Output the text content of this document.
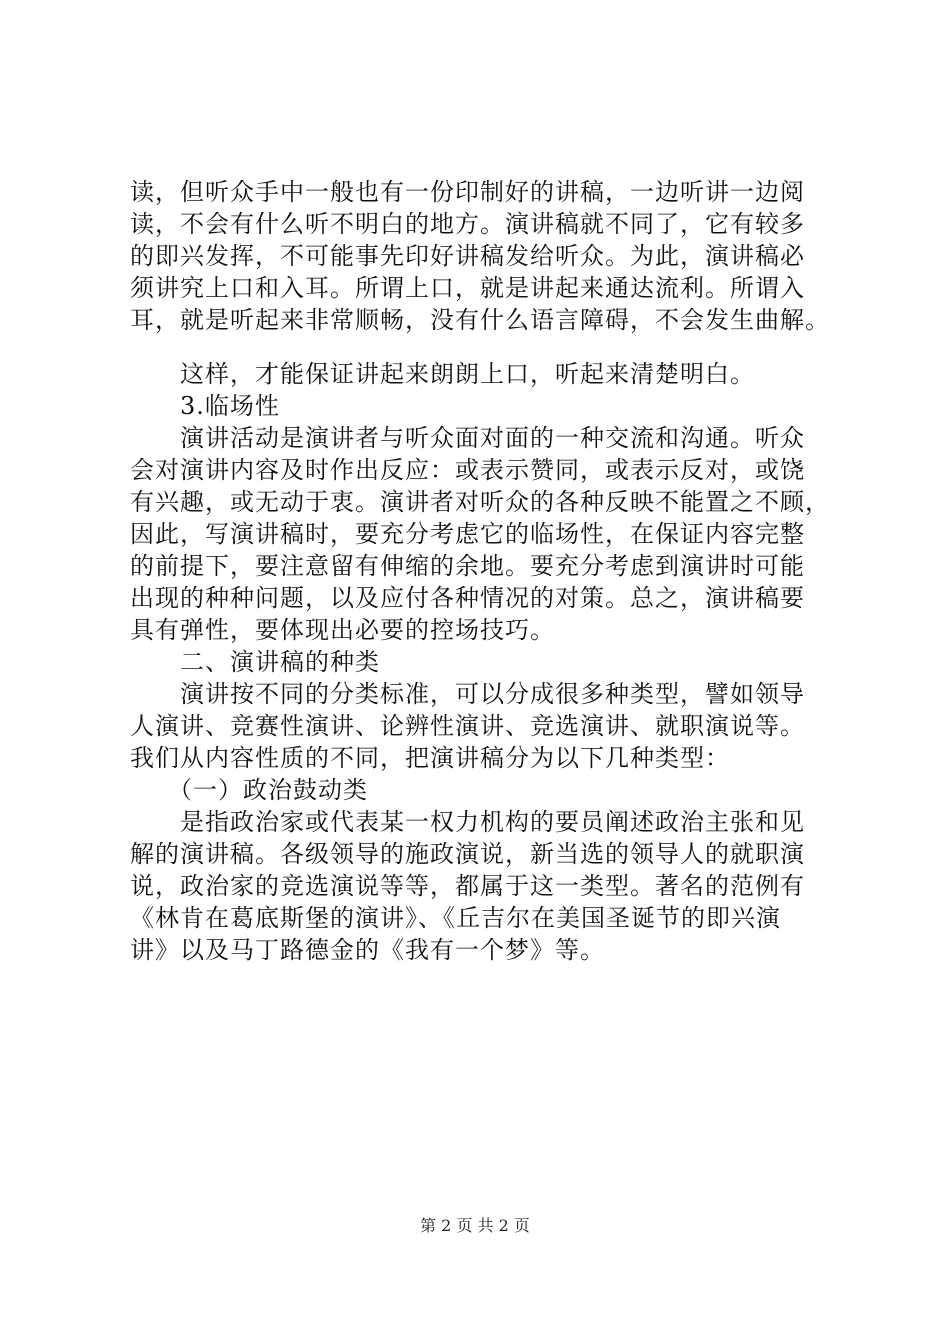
读，但听众手中一般也有一份印制好的讲稿，一边听讲一边阅
读，不会有什么听不明白的地方。演讲稿就不同了，它有较多
的即兴发挥，不可能事先印好讲稿发给听众。为此，演讲稿必
须讲究上口和入耳。所谓上口，就是讲起来通达流利。所谓入
耳，就是听起来非常顺畅，没有什么语言障碍，不会发生曲解。
　　这样，才能保证讲起来朗朗上口，听起来清楚明白。
　　3.临场性
　　演讲活动是演讲者与听众面对面的一种交流和沟通。听众
会对演讲内容及时作出反应：或表示赞同，或表示反对，或饶
有兴趣，或无动于衷。演讲者对听众的各种反映不能置之不顾，
因此，写演讲稿时，要充分考虑它的临场性，在保证内容完整
的前提下，要注意留有伸缩的余地。要充分考虑到演讲时可能
出现的种种问题，以及应付各种情况的对策。总之，演讲稿要
具有弹性，要体现出必要的控场技巧。
　　二、演讲稿的种类
　　演讲按不同的分类标准，可以分成很多种类型，譬如领导
人演讲、竞赛性演讲、论辨性演讲、竞选演讲、就职演说等。
我们从内容性质的不同，把演讲稿分为以下几种类型：
　　（一）政治鼓动类
　　是指政治家或代表某一权力机构的要员阐述政治主张和见
解的演讲稿。各级领导的施政演说，新当选的领导人的就职演
说，政治家的竞选演说等等，都属于这一类型。著名的范例有
《林肯在葛底斯堡的演讲》、《丘吉尔在美国圣诞节的即兴演
讲》以及马丁路德金的《我有一个梦》等。
第 2 页 共 2 页
